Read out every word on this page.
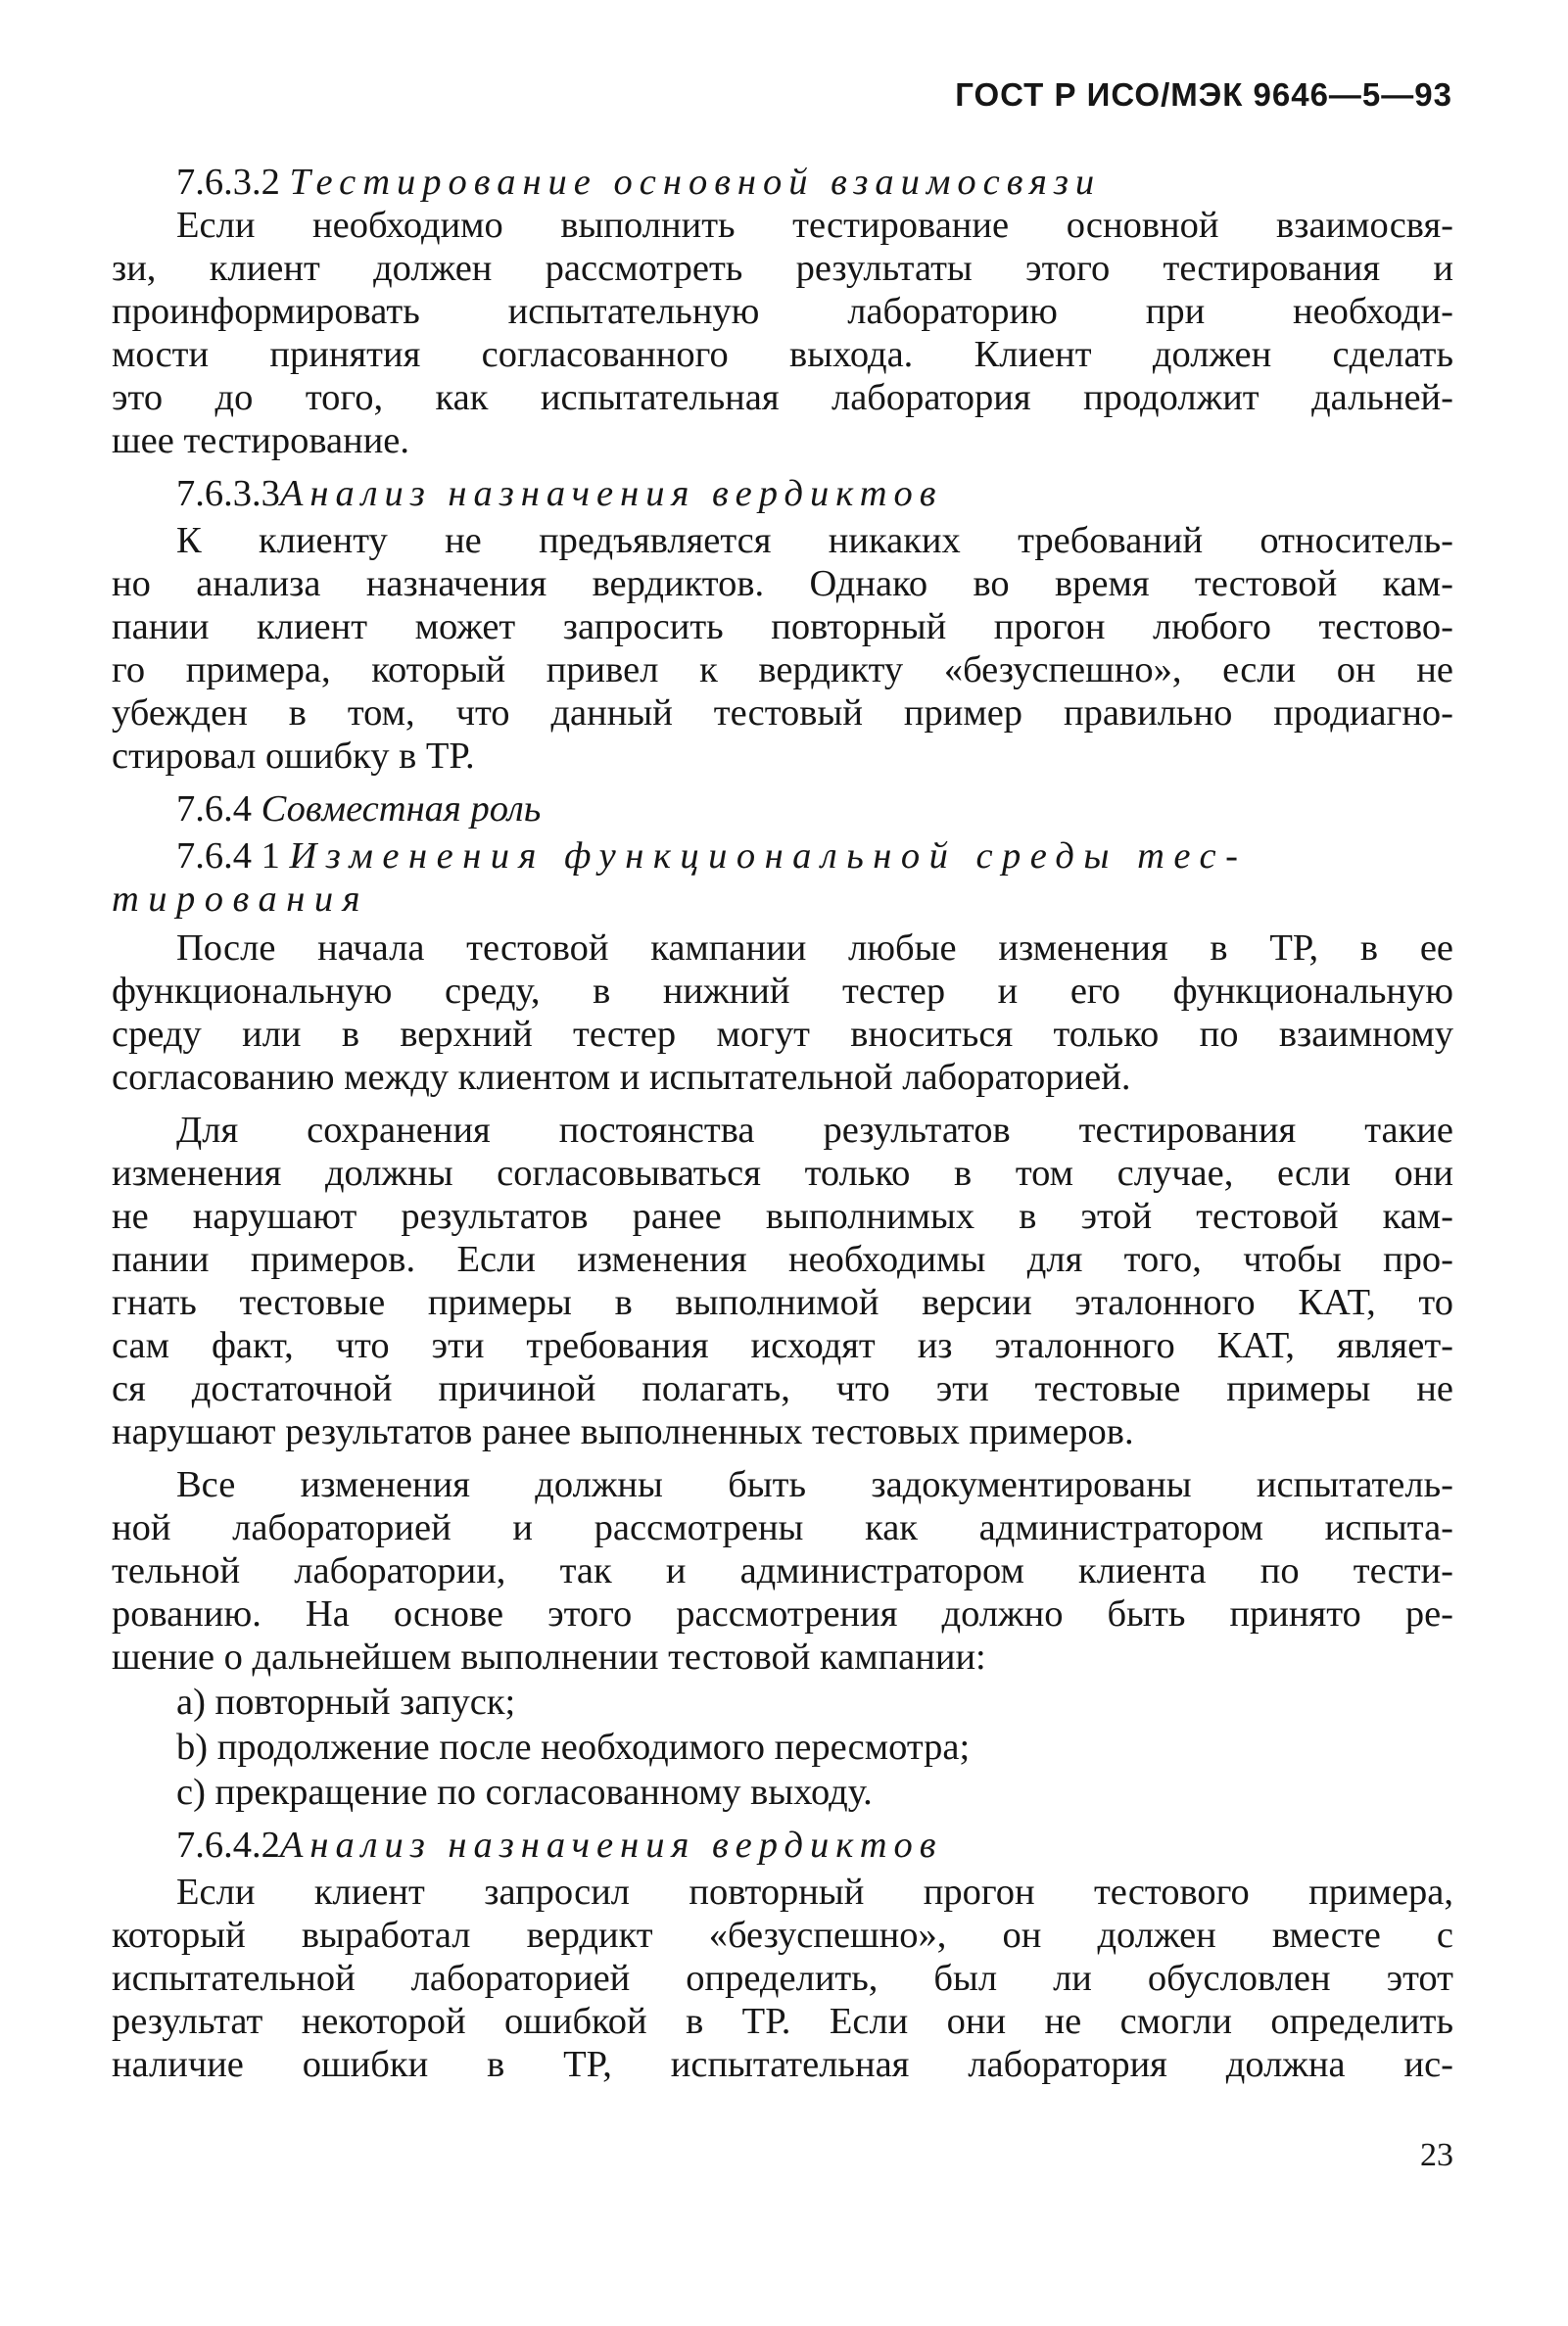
ГОСТ Р ИСО/МЭК 9646—5—93
7.6.3.2 Тестирование основной взаимосвязи
Если необходимо выполнить тестирование основной взаимосвя-
зи, клиент должен рассмотреть результаты этого тестирования и
проинформировать испытательную лабораторию при необходи-
мости принятия согласованного выхода. Клиент должен сделать
это до того, как испытательная лаборатория продолжит дальней-
шее тестирование.
7.6.3.3Анализ назначения вердиктов
К клиенту не предъявляется никаких требований относитель-
но анализа назначения вердиктов. Однако во время тестовой кам-
пании клиент может запросить повторный прогон любого тестово-
го примера, который привел к вердикту «безуспешно», если он не
убежден в том, что данный тестовый пример правильно продиагно-
стировал ошибку в ТР.
7.6.4 Совместная роль
7.6.4 1 Изменения функциональной среды тес-
тирования
После начала тестовой кампании любые изменения в ТР, в ее
функциональную среду, в нижний тестер и его функциональную
среду или в верхний тестер могут вноситься только по взаимному
согласованию между клиентом и испытательной лабораторией.
Для сохранения постоянства результатов тестирования такие
изменения должны согласовываться только в том случае, если они
не нарушают результатов ранее выполнимых в этой тестовой кам-
пании примеров. Если изменения необходимы для того, чтобы про-
гнать тестовые примеры в выполнимой версии эталонного КАТ, то
сам факт, что эти требования исходят из эталонного КАТ, являет-
ся достаточной причиной полагать, что эти тестовые примеры не
нарушают результатов ранее выполненных тестовых примеров.
Все изменения должны быть задокументированы испытатель-
ной лабораторией и рассмотрены как администратором испыта-
тельной лаборатории, так и администратором клиента по тести-
рованию. На основе этого рассмотрения должно быть принято ре-
шение о дальнейшем выполнении тестовой кампании:
а) повторный запуск;
b) продолжение после необходимого пересмотра;
с) прекращение по согласованному выходу.
7.6.4.2Анализ назначения вердиктов
Если клиент запросил повторный прогон тестового примера,
который выработал вердикт «безуспешно», он должен вместе с
испытательной лабораторией определить, был ли обусловлен этот
результат некоторой ошибкой в ТР. Если они не смогли определить
наличие ошибки в ТР, испытательная лаборатория должна ис-
23
